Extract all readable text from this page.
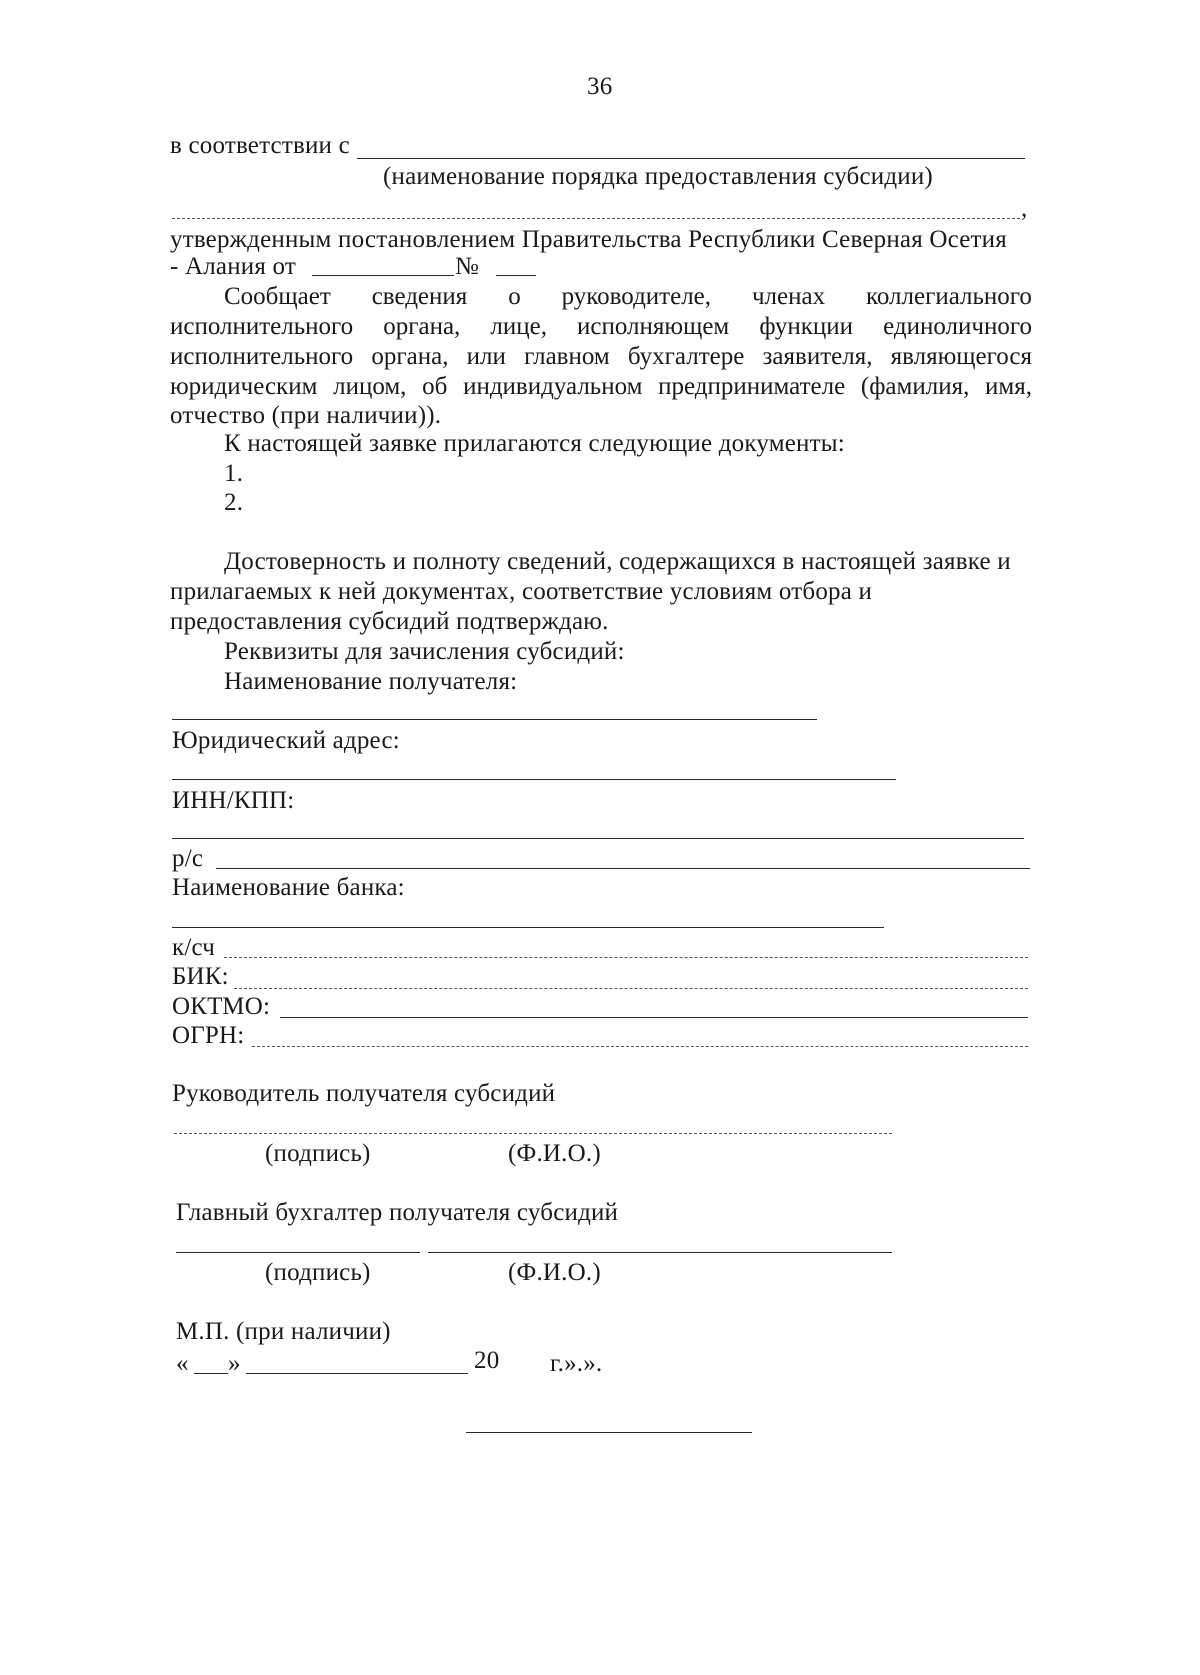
36
в соответствии с
(наименование порядка предоставления субсидии)
,
утвержденным постановлением Правительства Республики Северная Осетия
- Алания от	№
Сообщает сведения о руководителе, членах коллегиального
исполнительного органа, лице, исполняющем функции единоличного
исполнительного органа, или главном бухгалтере заявителя, являющегося
юридическим лицом, об индивидуальном предпринимателе (фамилия, имя,
отчество (при наличии)).
К настоящей заявке прилагаются следующие документы:
1.
2.
Достоверность и полноту сведений, содержащихся в настоящей заявке и
прилагаемых к ней документах, соответствие условиям отбора и
предоставления субсидий подтверждаю.
Реквизиты для зачисления субсидий:
Наименование получателя:
Юридический адрес:
ИНН/КПП:
р/с
Наименование банка:
к/сч
БИК:
ОКТМО:
ОГРН:
Руководитель получателя субсидий
(подпись)	(Ф.И.О.)
Главный бухгалтер получателя субсидий
(подпись)	(Ф.И.О.)
М.П. (при наличии)
« »	20 г.».».
